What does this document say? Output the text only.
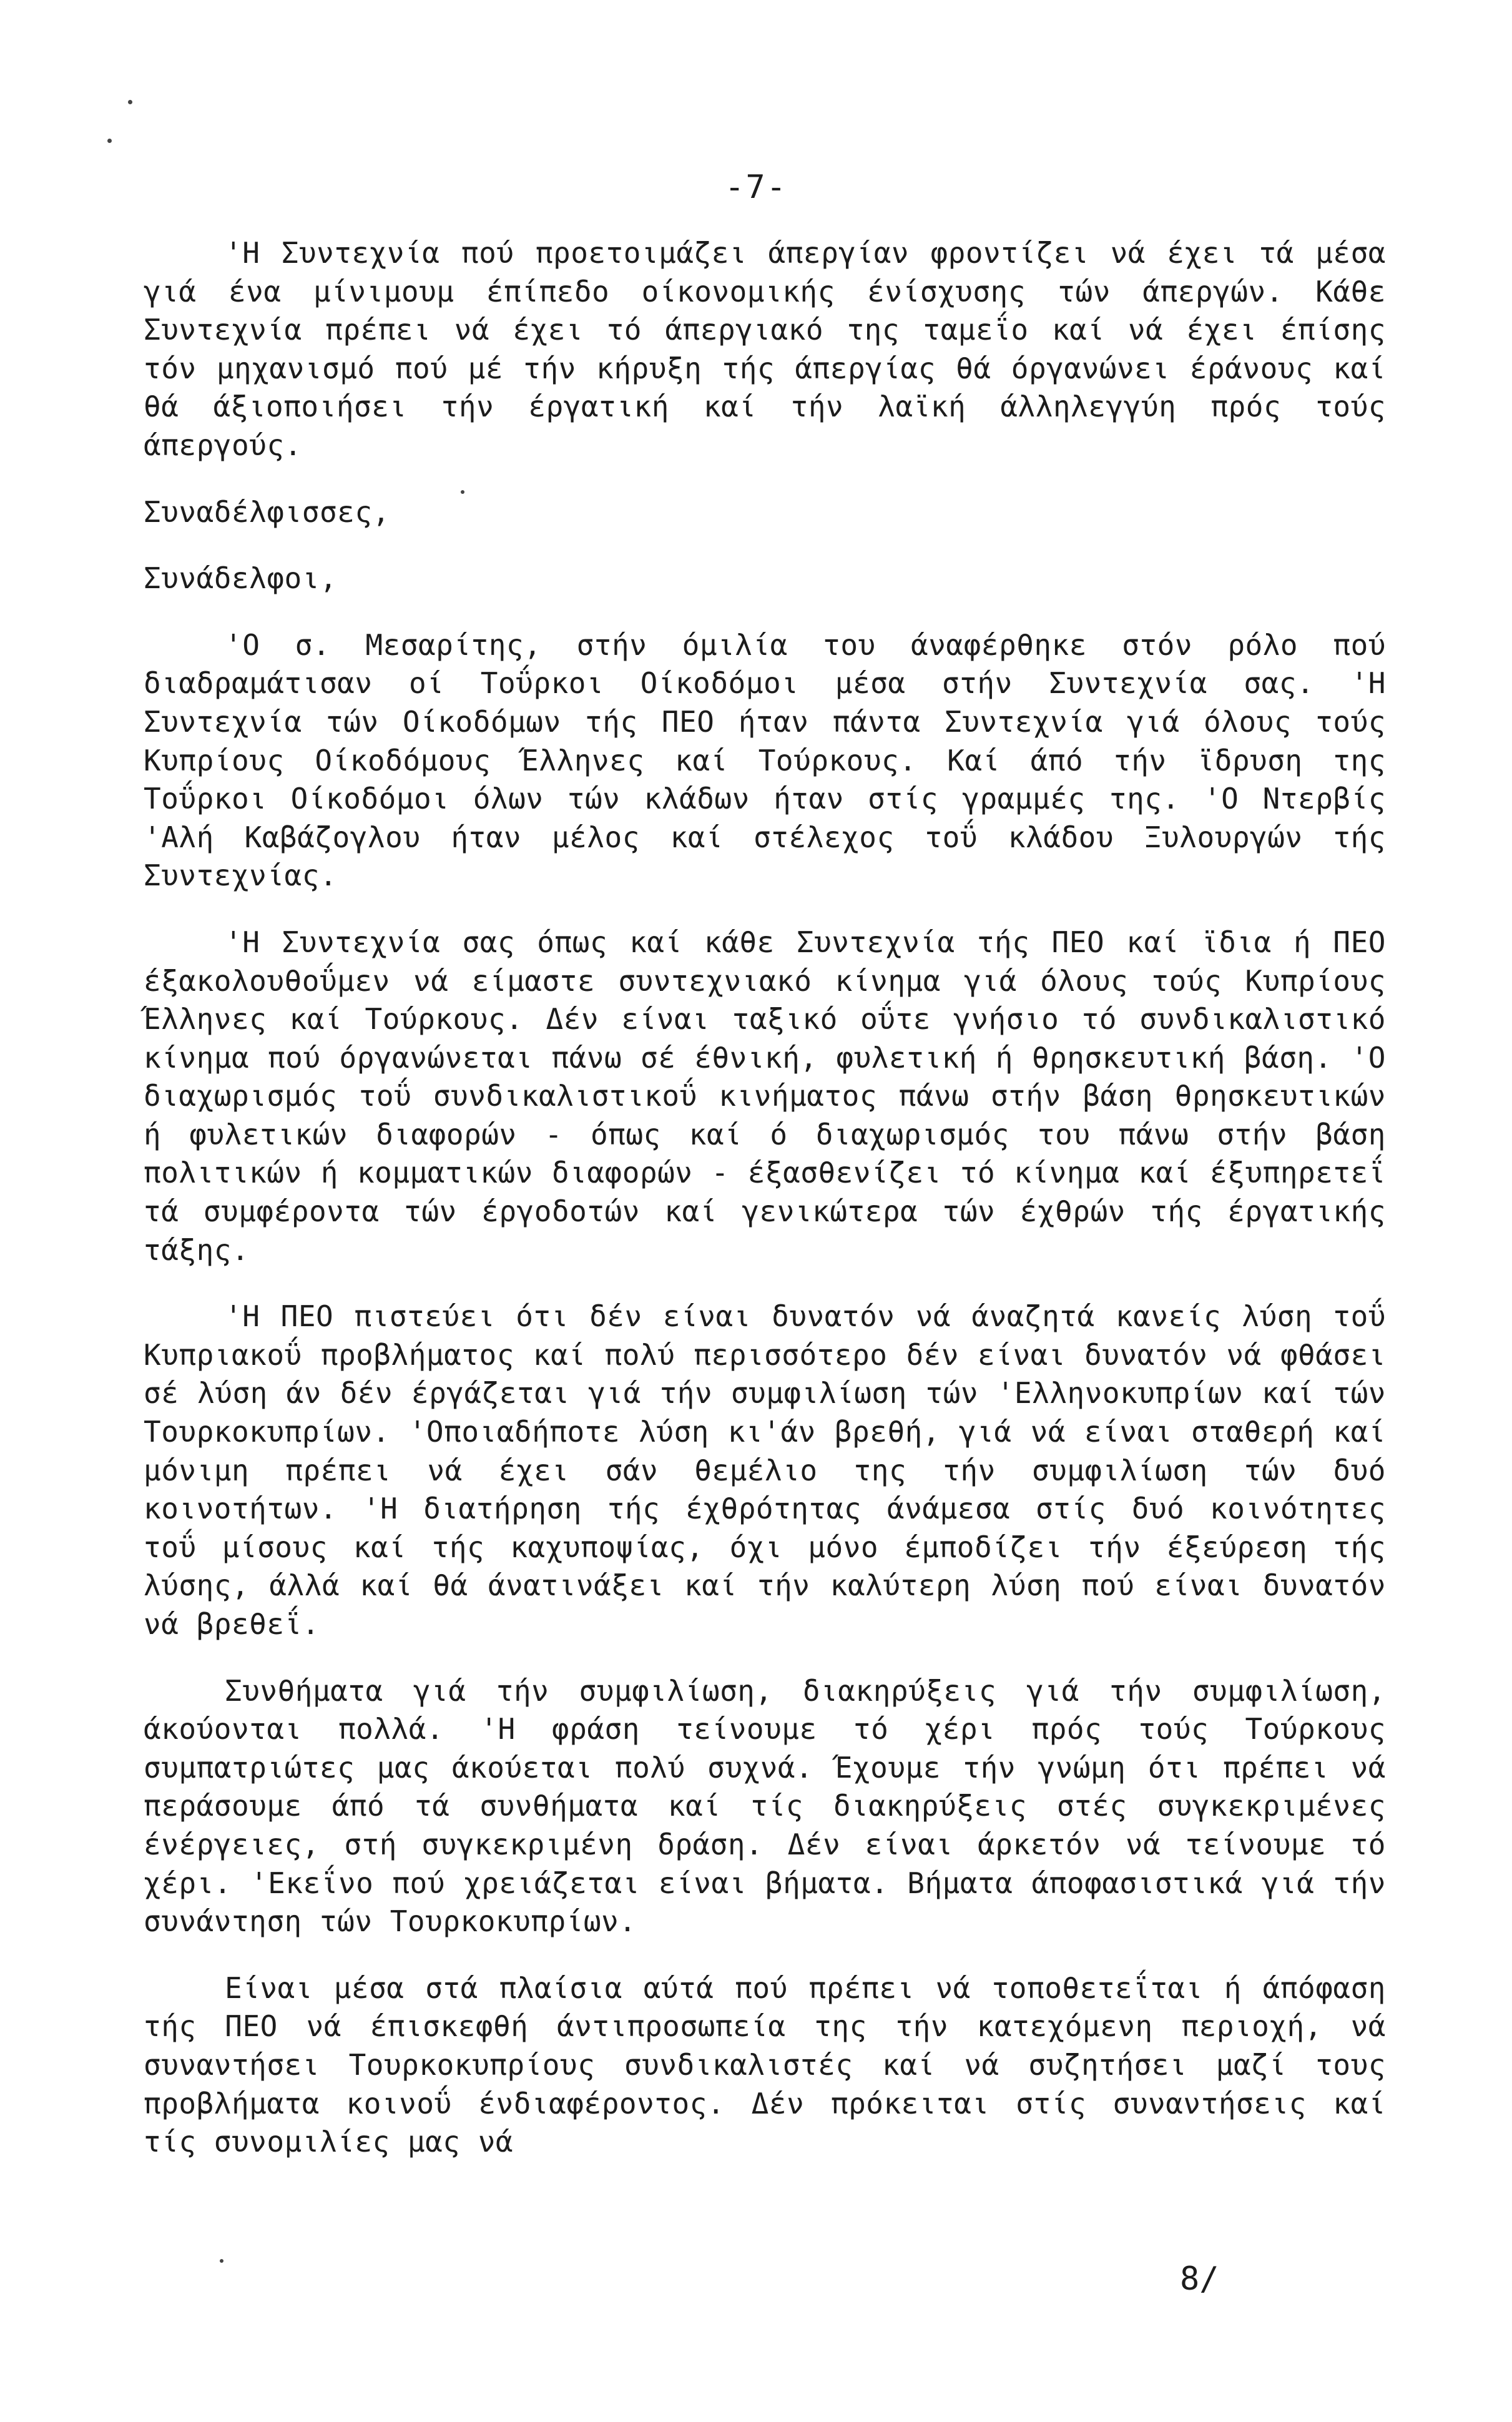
-7-

'Η Συντεχνία πού προετοιμάζει άπεργίαν φροντίζει νά έχει τά μέσα γιά ένα μίνιμουμ έπίπεδο οίκονομικής ένίσχυσης τών άπεργών. Κάθε Συντεχνία πρέπει νά έχει τό άπεργιακό της ταμεΐο καί νά έχει έπίσης τόν μηχανισμό πού μέ τήν κήρυξη τής άπεργίας θά όργανώνει έράνους καί θά άξιοποιήσει τήν έργατική καί τήν λαϊκή άλληλεγγύη πρός τούς άπεργούς.

Συναδέλφισσες,

Συνάδελφοι,

'Ο σ. Μεσαρίτης, στήν όμιλία του άναφέρθηκε στόν ρόλο πού διαδραμάτισαν οί Τοΰρκοι Οίκοδόμοι μέσα στήν Συντεχνία σας. 'Η Συντεχνία τών Οίκοδόμων τής ΠΕΟ ήταν πάντα Συντεχνία γιά όλους τούς Κυπρίους Οίκοδόμους Έλληνες καί Τούρκους. Καί άπό τήν ϊδρυση της Τοΰρκοι Οίκοδόμοι όλων τών κλάδων ήταν στίς γραμμές της. 'Ο Ντερβίς 'Αλή Καβάζογλου ήταν μέλος καί στέλεχος τοΰ κλάδου Ξυλουργών τής Συντεχνίας.

'Η Συντεχνία σας όπως καί κάθε Συντεχνία τής ΠΕΟ καί ϊδια ή ΠΕΟ έξακολουθοΰμεν νά είμαστε συντεχνιακό κίνημα γιά όλους τούς Κυπρίους Έλληνες καί Τούρκους. Δέν είναι ταξικό οΰτε γνήσιο τό συνδικαλιστικό κίνημα πού όργανώνεται πάνω σέ έθνική, φυλετική ή θρησκευτική βάση. 'Ο διαχωρισμός τοΰ συνδικαλιστικοΰ κινήματος πάνω στήν βάση θρησκευτικών ή φυλετικών διαφορών - όπως καί ό διαχωρισμός του πάνω στήν βάση πολιτικών ή κομματικών διαφορών - έξασθενίζει τό κίνημα καί έξυπηρετεΐ τά συμφέροντα τών έργοδοτών καί γενικώτερα τών έχθρών τής έργατικής τάξης.

'Η ΠΕΟ πιστεύει ότι δέν είναι δυνατόν νά άναζητά κανείς λύση τοΰ Κυπριακοΰ προβλήματος καί πολύ περισσότερο δέν είναι δυνατόν νά φθάσει σέ λύση άν δέν έργάζεται γιά τήν συμφιλίωση τών 'Ελληνοκυπρίων καί τών Τουρκοκυπρίων. 'Οποιαδήποτε λύση κι'άν βρεθή, γιά νά είναι σταθερή καί μόνιμη πρέπει νά έχει σάν θεμέλιο της τήν συμφιλίωση τών δυό κοινοτήτων. 'Η διατήρηση τής έχθρότητας άνάμεσα στίς δυό κοινότητες τοΰ μίσους καί τής καχυποψίας, όχι μόνο έμποδίζει τήν έξεύρεση τής λύσης, άλλά καί θά άνατινάξει καί τήν καλύτερη λύση πού είναι δυνατόν νά βρεθεΐ.

Συνθήματα γιά τήν συμφιλίωση, διακηρύξεις γιά τήν συμφιλίωση, άκούονται πολλά. 'Η φράση τείνουμε τό χέρι πρός τούς Τούρκους συμπατριώτες μας άκούεται πολύ συχνά. Έχουμε τήν γνώμη ότι πρέπει νά περάσουμε άπό τά συνθήματα καί τίς διακηρύξεις στές συγκεκριμένες ένέργειες, στή συγκεκριμένη δράση. Δέν είναι άρκετόν νά τείνουμε τό χέρι. 'Εκεΐνο πού χρειάζεται είναι βήματα. Βήματα άποφασιστικά γιά τήν συνάντηση τών Τουρκοκυπρίων.

Είναι μέσα στά πλαίσια αύτά πού πρέπει νά τοποθετεΐται ή άπόφαση τής ΠΕΟ νά έπισκεφθή άντιπροσωπεία της τήν κατεχόμενη περιοχή, νά συναντήσει Τουρκοκυπρίους συνδικαλιστές καί νά συζητήσει μαζί τους προβλήματα κοινοΰ ένδιαφέροντος. Δέν πρόκειται στίς συναντήσεις καί τίς συνομιλίες μας νά

8/
